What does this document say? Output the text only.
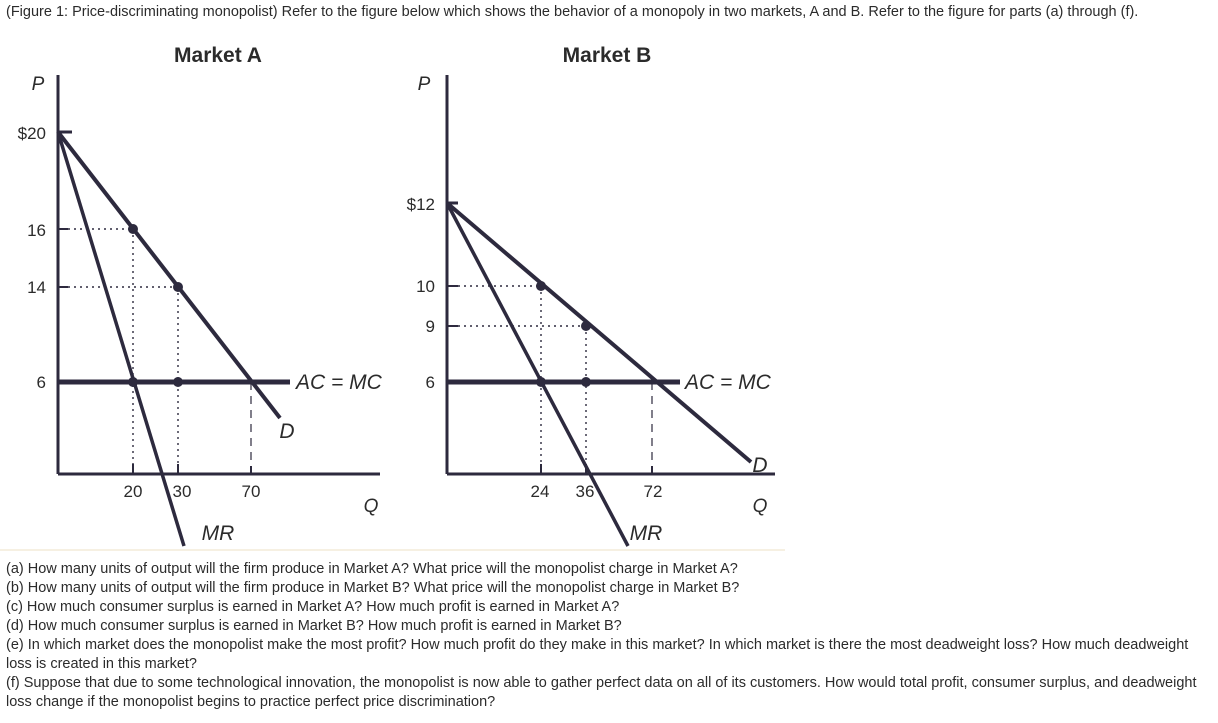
(Figure 1: Price-discriminating monopolist) Refer to the figure below which shows the behavior of a monopoly in two markets, A and B. Refer to the figure for parts (a) through (f).
Market A
P
$20
16
14
6
20 30	70
Q
AC = MC
D
MR
Market B
P
$12
10
9
6
24 36	72
Q
AC = MC
D
MR

(a) How many units of output will the firm produce in Market A? What price will the monopolist charge in Market A?

(b) How many units of output will the firm produce in Market B? What price will the monopolist charge in Market B?

(c) How much consumer surplus is earned in Market A? How much profit is earned in Market A?

(d) How much consumer surplus is earned in Market B? How much profit is earned in Market B?

(e) In which market does the monopolist make the most profit? How much profit do they make in this market? In which market is there the most deadweight loss? How much deadweight loss is created in this market?

(f) Suppose that due to some technological innovation, the monopolist is now able to gather perfect data on all of its customers. How would total profit, consumer surplus, and deadweight loss change if the monopolist begins to practice perfect price discrimination?
